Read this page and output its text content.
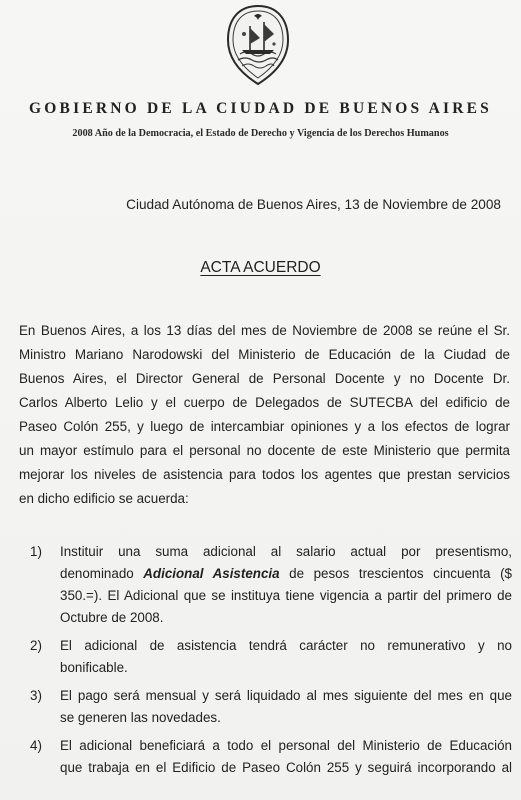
GOBIERNO DE LA CIUDAD DE BUENOS AIRES
2008 Año de la Democracia, el Estado de Derecho y Vigencia de los Derechos Humanos
Ciudad Autónoma de Buenos Aires, 13 de Noviembre de 2008
ACTA ACUERDO
En Buenos Aires, a los 13 días del mes de Noviembre de 2008 se reúne el Sr.
Ministro Mariano Narodowski del Ministerio de Educación de la Ciudad de
Buenos Aires, el Director General de Personal Docente y no Docente Dr.
Carlos Alberto Lelio y el cuerpo de Delegados de SUTECBA del edificio de
Paseo Colón 255, y luego de intercambiar opiniones y a los efectos de lograr
un mayor estímulo para el personal no docente de este Ministerio que permita
mejorar los niveles de asistencia para todos los agentes que prestan servicios
en dicho edificio se acuerda:
1)	Instituir una suma adicional al salario actual por presentismo,
denominado Adicional Asistencia de pesos trescientos cincuenta ($
350.=). El Adicional que se instituya tiene vigencia a partir del primero de
Octubre de 2008.
2)	El adicional de asistencia tendrá carácter no remunerativo y no
bonificable.
3)	El pago será mensual y será liquidado al mes siguiente del mes en que
se generen las novedades.
4)	El adicional beneficiará a todo el personal del Ministerio de Educación
que trabaja en el Edificio de Paseo Colón 255 y seguirá incorporando al
